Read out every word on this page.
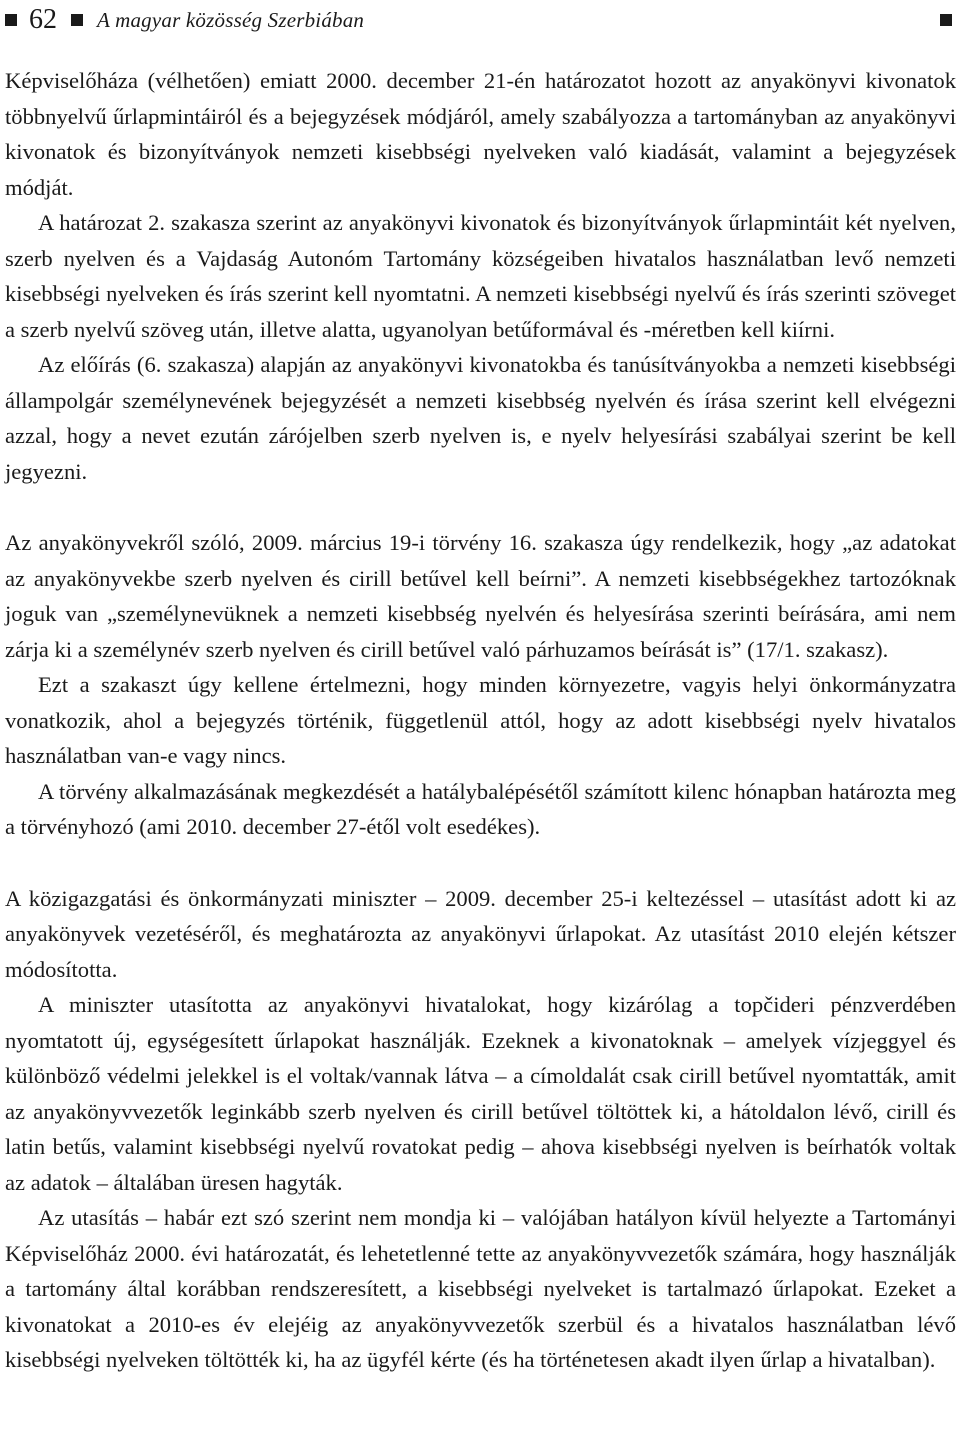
62 A magyar közösség Szerbiában

Képviselőháza (vélhetően) emiatt 2000. december 21-én határozatot hozott az anyakönyvi kivonatok többnyelvű űrlapmintáiról és a bejegyzések módjáról, amely szabályozza a tartományban az anyakönyvi kivonatok és bizonyítványok nemzeti kisebbségi nyelveken való kiadását, valamint a bejegyzések módját.

A határozat 2. szakasza szerint az anyakönyvi kivonatok és bizonyítványok űrlapmintáit két nyelven, szerb nyelven és a Vajdaság Autonóm Tartomány községeiben hivatalos használatban levő nemzeti kisebbségi nyelveken és írás szerint kell nyomtatni. A nemzeti kisebbségi nyelvű és írás szerinti szöveget a szerb nyelvű szöveg után, illetve alatta, ugyanolyan betűformával és -méretben kell kiírni.

Az előírás (6. szakasza) alapján az anyakönyvi kivonatokba és tanúsítványokba a nemzeti kisebbségi állampolgár személynevének bejegyzését a nemzeti kisebbség nyelvén és írása szerint kell elvégezni azzal, hogy a nevet ezután zárójelben szerb nyelven is, e nyelv helyesírási szabályai szerint be kell jegyezni.

Az anyakönyvekről szóló, 2009. március 19-i törvény 16. szakasza úgy rendelkezik, hogy „az adatokat az anyakönyvekbe szerb nyelven és cirill betűvel kell beírni”. A nemzeti kisebbségekhez tartozóknak joguk van „személynevüknek a nemzeti kisebbség nyelvén és helyesírása szerinti beírására, ami nem zárja ki a személynév szerb nyelven és cirill betűvel való párhuzamos beírását is” (17/1. szakasz).

Ezt a szakaszt úgy kellene értelmezni, hogy minden környezetre, vagyis helyi önkormányzatra vonatkozik, ahol a bejegyzés történik, függetlenül attól, hogy az adott kisebbségi nyelv hivatalos használatban van-e vagy nincs.

A törvény alkalmazásának megkezdését a hatálybalépésétől számított kilenc hónapban határozta meg a törvényhozó (ami 2010. december 27-étől volt esedékes).

A közigazgatási és önkormányzati miniszter – 2009. december 25-i keltezéssel – utasítást adott ki az anyakönyvek vezetéséről, és meghatározta az anyakönyvi űrlapokat. Az utasítást 2010 elején kétszer módosította.

A miniszter utasította az anyakönyvi hivatalokat, hogy kizárólag a topčideri pénzverdében nyomtatott új, egységesített űrlapokat használják. Ezeknek a kivonatoknak – amelyek vízjeggyel és különböző védelmi jelekkel is el voltak/vannak látva – a címoldalát csak cirill betűvel nyomtatták, amit az anyakönyvvezetők leginkább szerb nyelven és cirill betűvel töltöttek ki, a hátoldalon lévő, cirill és latin betűs, valamint kisebbségi nyelvű rovatokat pedig – ahova kisebbségi nyelven is beírhatók voltak az adatok – általában üresen hagyták.

Az utasítás – habár ezt szó szerint nem mondja ki – valójában hatályon kívül helyezte a Tartományi Képviselőház 2000. évi határozatát, és lehetetlenné tette az anyakönyvvezetők számára, hogy használják a tartomány által korábban rendszeresített, a kisebbségi nyelveket is tartalmazó űrlapokat. Ezeket a kivonatokat a 2010-es év elejéig az anyakönyvvezetők szerbül és a hivatalos használatban lévő kisebbségi nyelveken töltötték ki, ha az ügyfél kérte (és ha történetesen akadt ilyen űrlap a hivatalban).
